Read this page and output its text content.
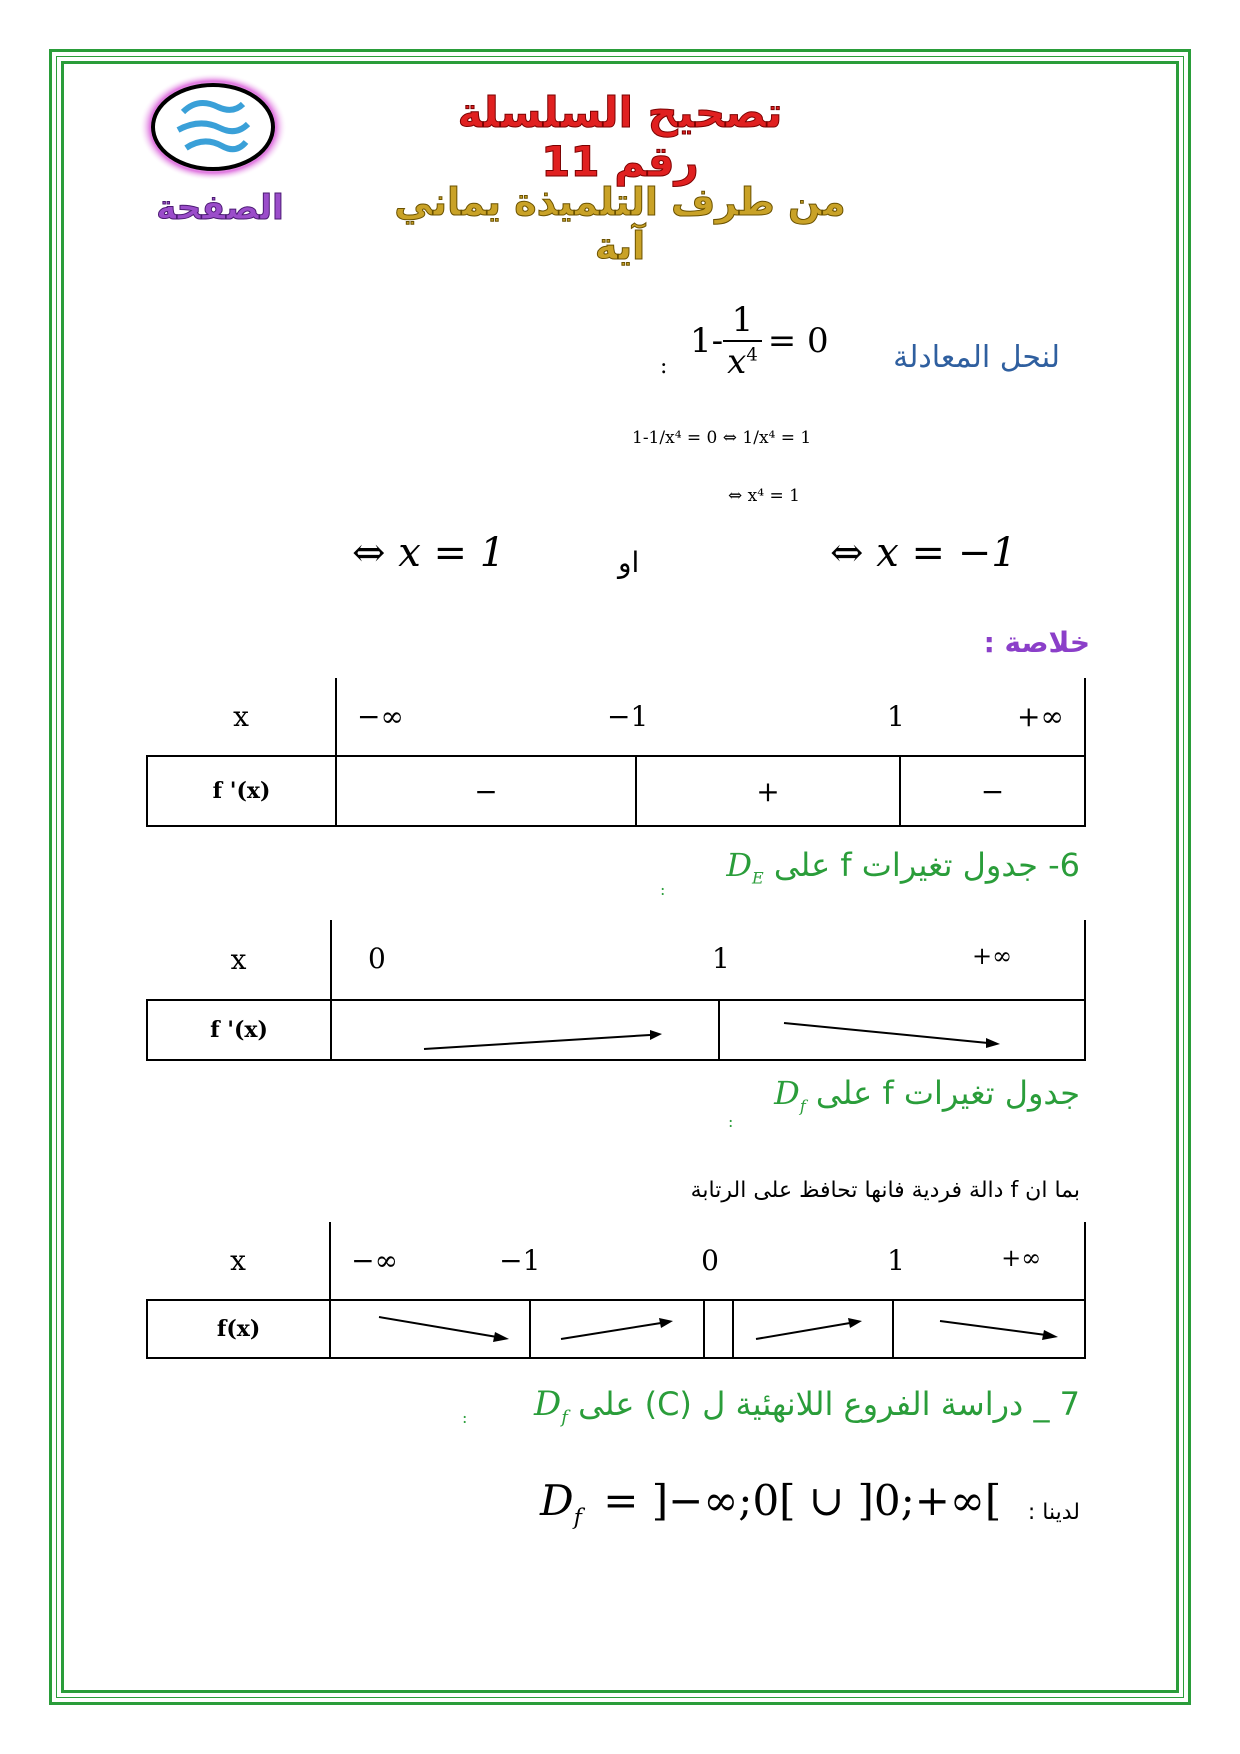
تصحيح السلسلة رقم 11
من طرف التلميذة يماني آية
الصفحة
لنحل المعادلة
$1- \frac{1}{x^4} = 0$
:
1-1/x⁴ = 0 ⇔ 1/x⁴ = 1
⇔ x⁴ = 1
⇔ x = 1	او	⇔ x = −1
خلاصة :
x	−∞ −1 1 +∞		

f '(x)	−	+	−
6- جدول تغيرات f على $D_E$
:
x	0 1 +∞	

f '(x)	

جدول تغيرات f على $D_f$
:
بما ان f دالة فردية فانها تحافظ على الرتابة
x	−∞ −1 0 1 +∞				

f(x)	

7 _ دراسة الفروع اللانهئية ل (C) على $D_f$
:
$D_f$ = ]−∞;0[ ∪ ]0;+∞[	لدينا :
